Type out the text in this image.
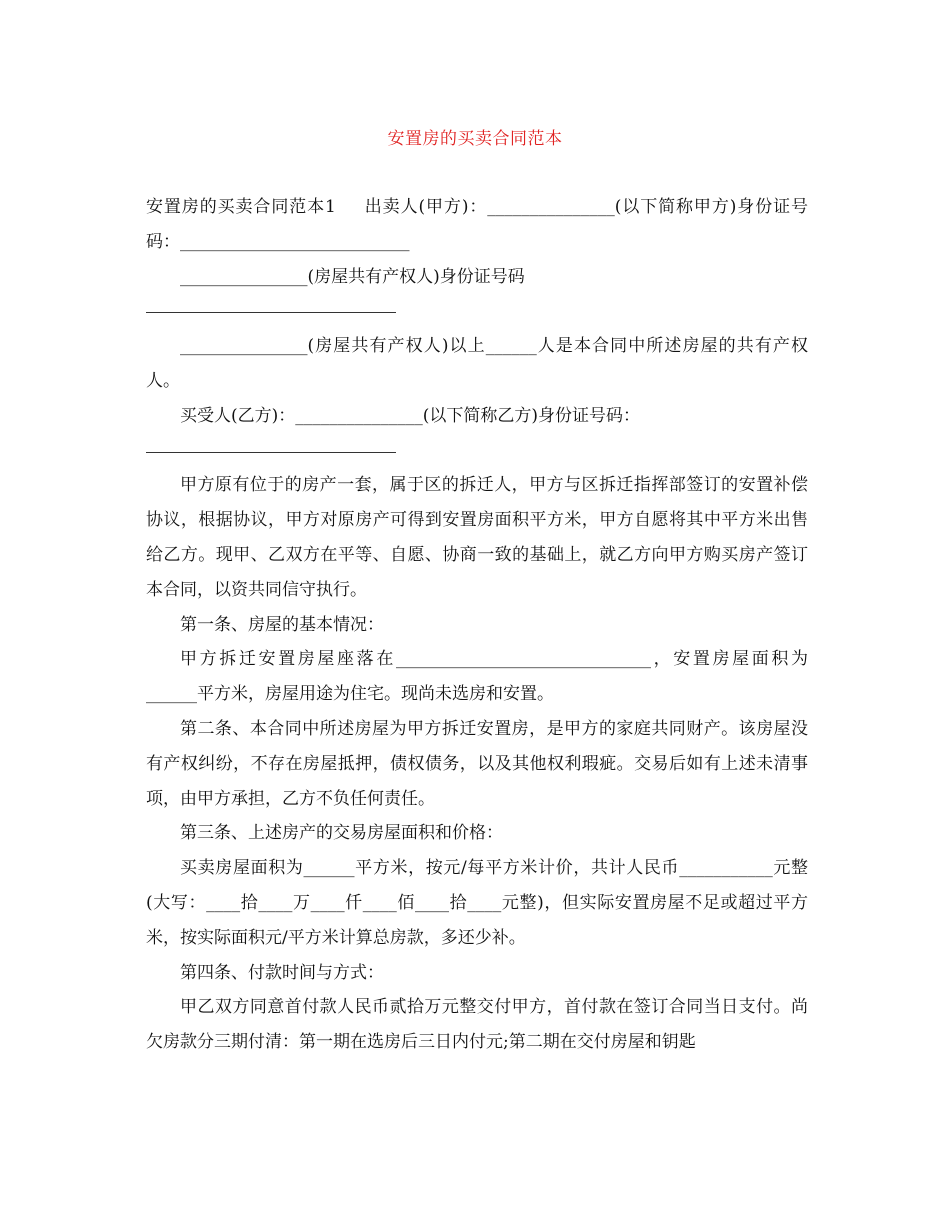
安置房的买卖合同范本

安置房的买卖合同范本1 出卖人(甲方)：_______________(以下简称甲方)身份证号码：___________________________

_______________(房屋共有产权人)身份证号码

_______________(房屋共有产权人)以上______人是本合同中所述房屋的共有产权人。

买受人(乙方)：_______________(以下简称乙方)身份证号码：

甲方原有位于的房产一套，属于区的拆迁人，甲方与区拆迁指挥部签订的安置补偿协议，根据协议，甲方对原房产可得到安置房面积平方米，甲方自愿将其中平方米出售给乙方。现甲、乙双方在平等、自愿、协商一致的基础上，就乙方向甲方购买房产签订本合同，以资共同信守执行。

第一条、房屋的基本情况：

甲方拆迁安置房屋座落在______________________________，安置房屋面积为______平方米，房屋用途为住宅。现尚未选房和安置。

第二条、本合同中所述房屋为甲方拆迁安置房，是甲方的家庭共同财产。该房屋没有产权纠纷，不存在房屋抵押，债权债务，以及其他权利瑕疵。交易后如有上述未清事项，由甲方承担，乙方不负任何责任。

第三条、上述房产的交易房屋面积和价格：

买卖房屋面积为______平方米，按元/每平方米计价，共计人民币___________元整(大写：____拾____万____仟____佰____拾____元整)，但实际安置房屋不足或超过平方米，按实际面积元/平方米计算总房款，多还少补。

第四条、付款时间与方式：

甲乙双方同意首付款人民币贰拾万元整交付甲方，首付款在签订合同当日支付。尚欠房款分三期付清：第一期在选房后三日内付元;第二期在交付房屋和钥匙
